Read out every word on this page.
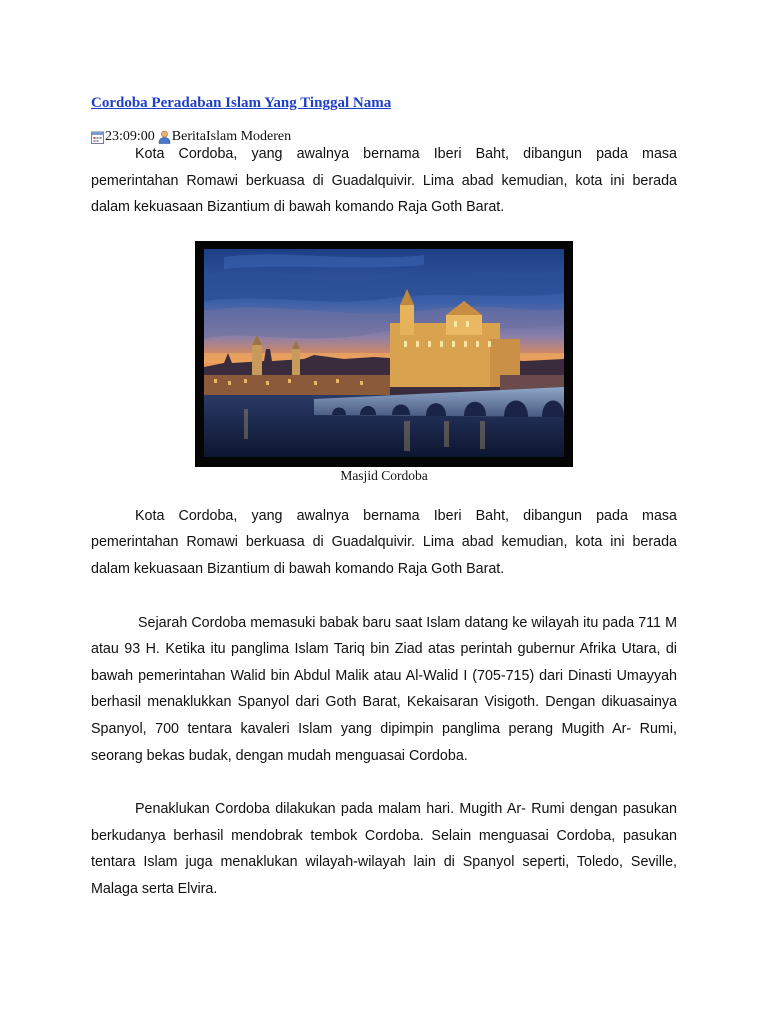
Cordoba Peradaban Islam Yang Tinggal Nama
23:09:00 BeritaIslam Moderen

Kota Cordoba, yang awalnya bernama Iberi Baht, dibangun pada masa pemerintahan Romawi berkuasa di Guadalquivir. Lima abad kemudian, kota ini berada dalam kekuasaan Bizantium di bawah komando Raja Goth Barat.

Masjid Cordoba

Kota Cordoba, yang awalnya bernama Iberi Baht, dibangun pada masa pemerintahan Romawi berkuasa di Guadalquivir. Lima abad kemudian, kota ini berada dalam kekuasaan Bizantium di bawah komando Raja Goth Barat.

Sejarah Cordoba memasuki babak baru saat Islam datang ke wilayah itu pada 711 M atau 93 H. Ketika itu panglima Islam Tariq bin Ziad atas perintah gubernur Afrika Utara, di bawah pemerintahan Walid bin Abdul Malik atau Al-Walid I (705-715) dari Dinasti Umayyah berhasil menaklukkan Spanyol dari Goth Barat, Kekaisaran Visigoth. Dengan dikuasainya Spanyol, 700 tentara kavaleri Islam yang dipimpin panglima perang Mugith Ar- Rumi, seorang bekas budak, dengan mudah menguasai Cordoba.

Penaklukan Cordoba dilakukan pada malam hari. Mugith Ar- Rumi dengan pasukan berkudanya berhasil mendobrak tembok Cordoba. Selain menguasai Cordoba, pasukan tentara Islam juga menaklukan wilayah-wilayah lain di Spanyol seperti, Toledo, Seville, Malaga serta Elvira.
